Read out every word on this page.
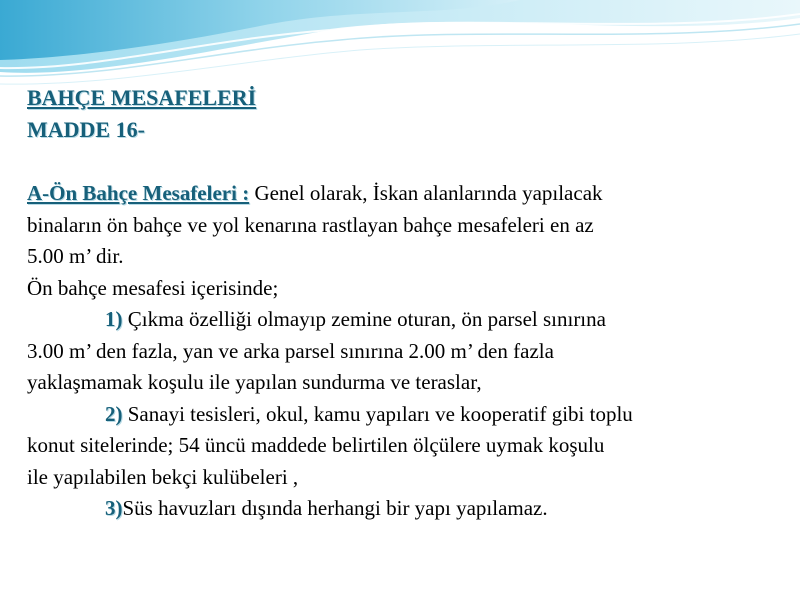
BAHÇE MESAFELERİ

MADDE 16-

A-Ön Bahçe Mesafeleri : Genel olarak, İskan alanlarında yapılacak

binaların ön bahçe ve yol kenarına rastlayan bahçe mesafeleri en az

5.00 m’ dir.

Ön bahçe mesafesi içerisinde;

1) Çıkma özelliği olmayıp zemine oturan, ön parsel sınırına

3.00 m’ den fazla, yan ve arka parsel sınırına 2.00 m’ den fazla

yaklaşmamak koşulu ile yapılan sundurma ve teraslar,

2) Sanayi tesisleri, okul, kamu yapıları ve kooperatif gibi toplu

konut sitelerinde; 54 üncü maddede belirtilen ölçülere uymak koşulu

ile yapılabilen bekçi kulübeleri ,

3)Süs havuzları dışında herhangi bir yapı yapılamaz.
